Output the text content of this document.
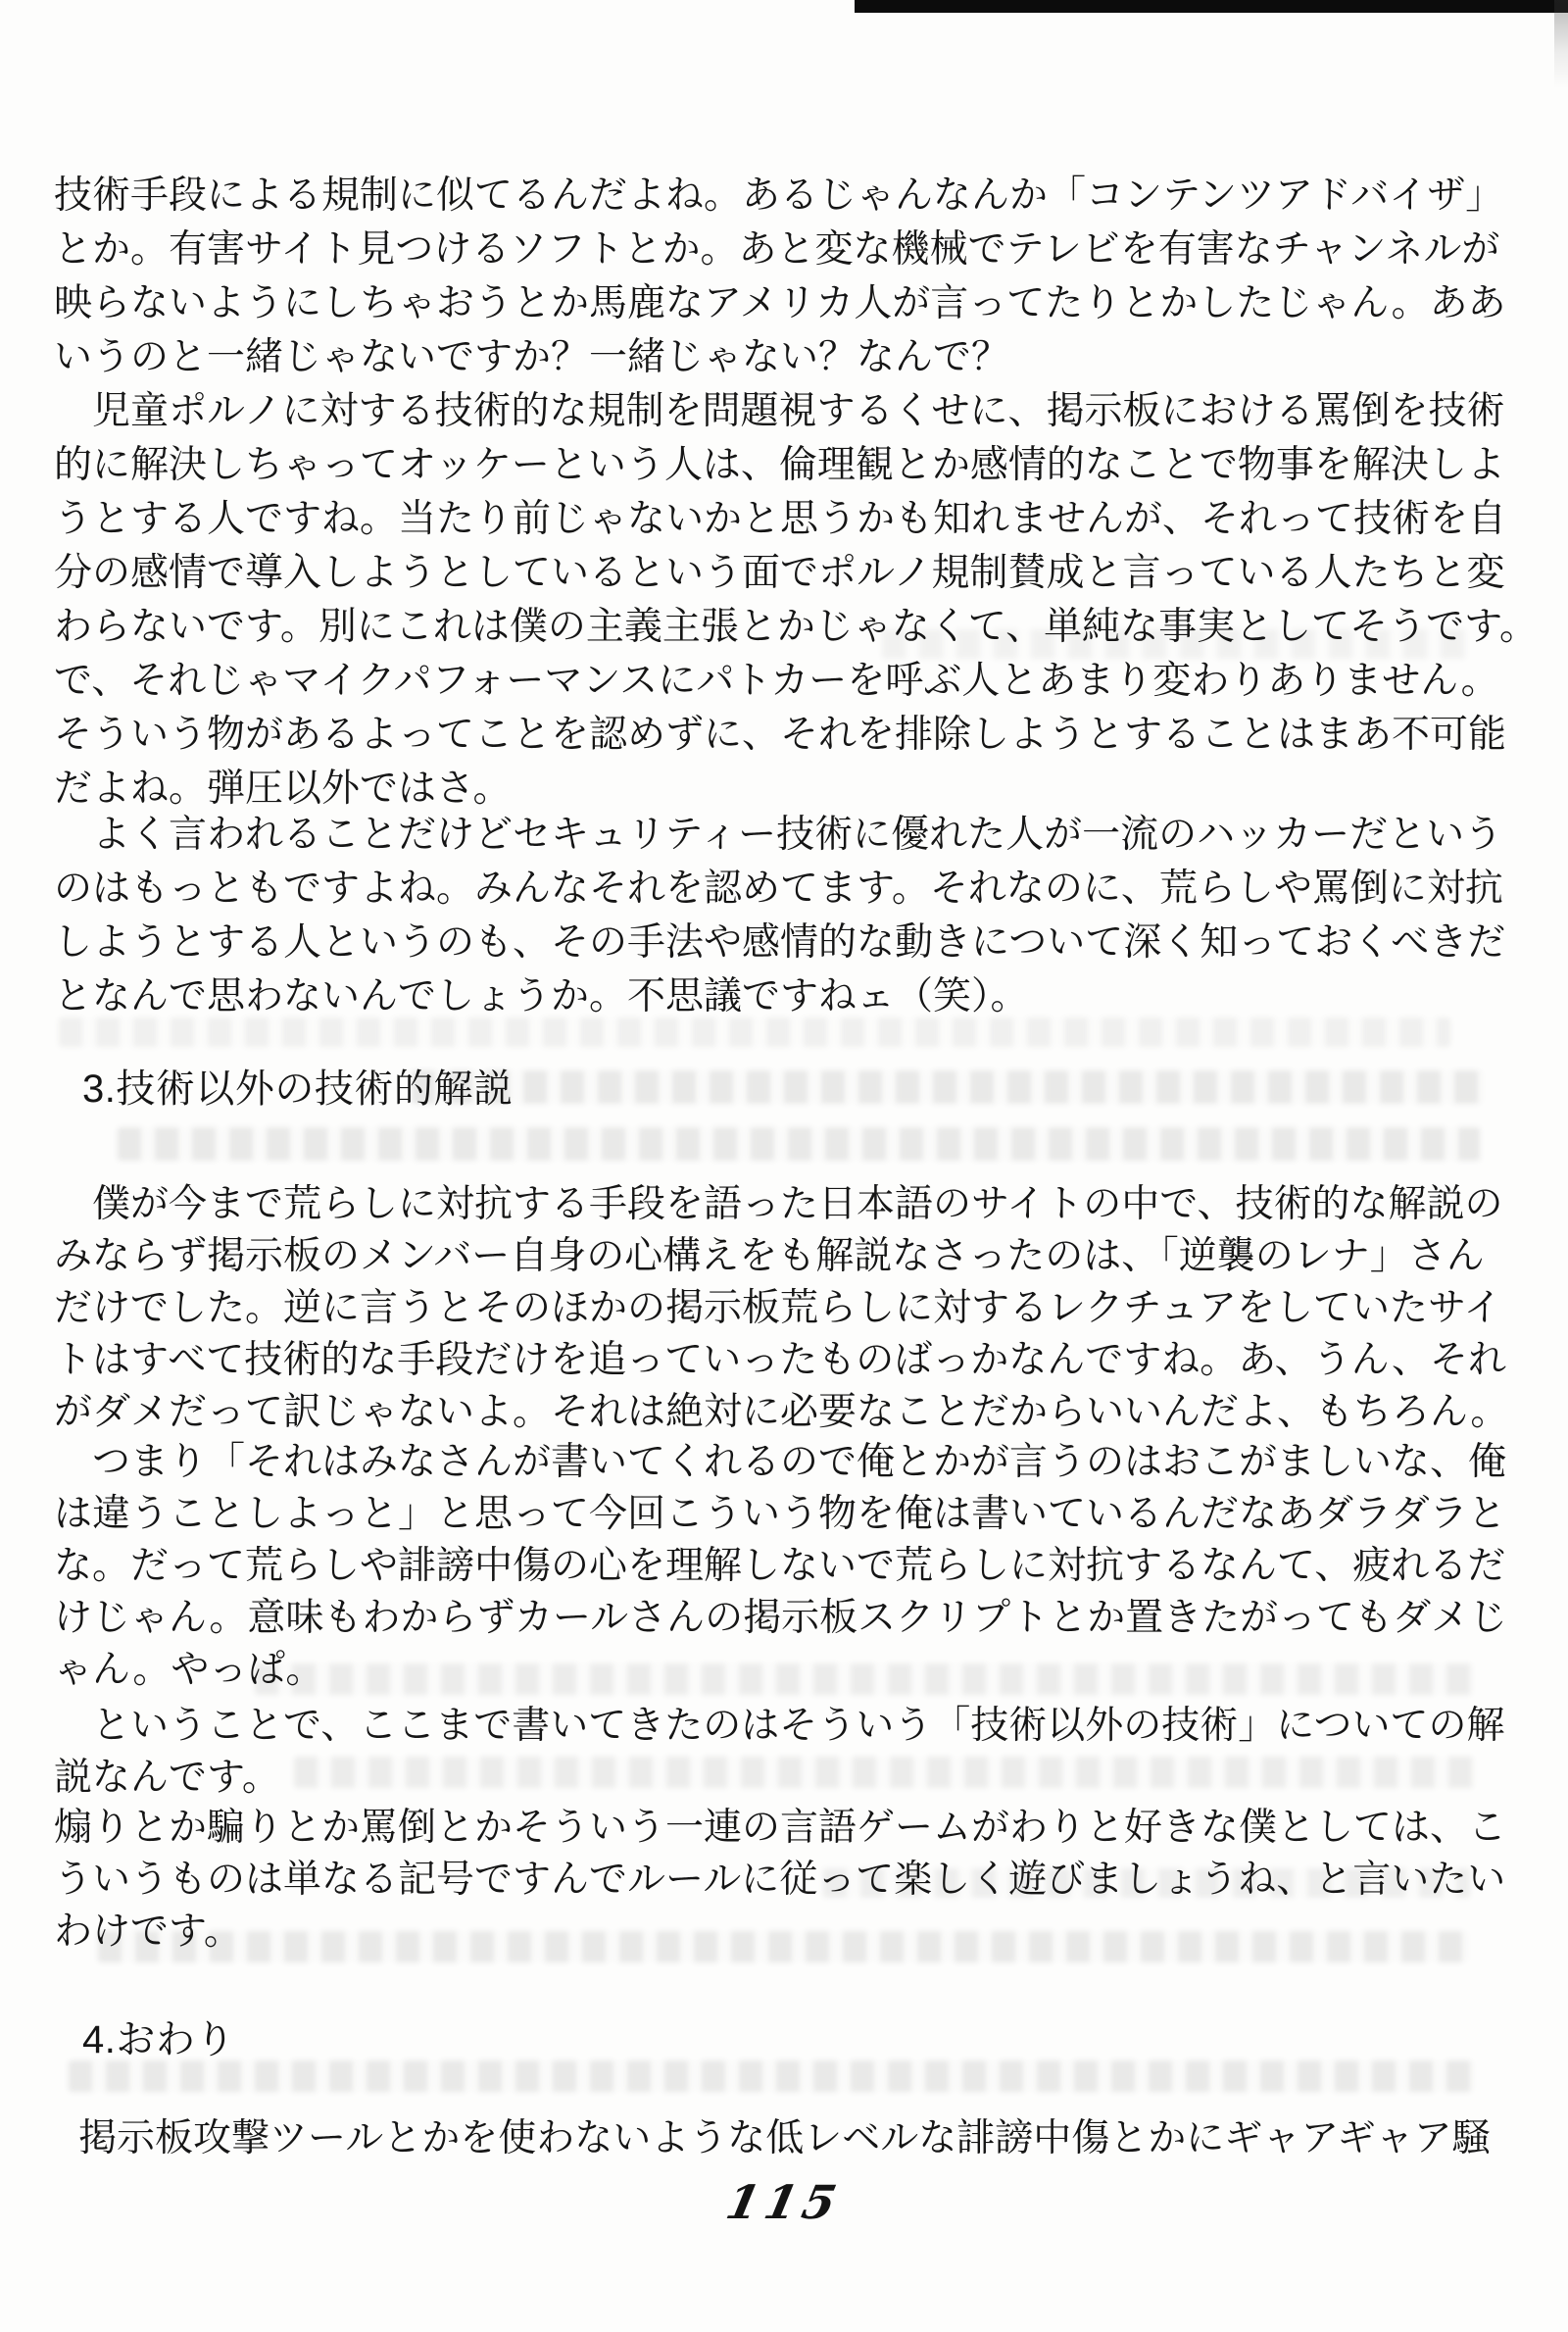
技術手段による規制に似てるんだよね。あるじゃんなんか「コンテンツアドバイザ」
とか。有害サイト見つけるソフトとか。あと変な機械でテレビを有害なチャンネルが
映らないようにしちゃおうとか馬鹿なアメリカ人が言ってたりとかしたじゃん。ああ
いうのと一緒じゃないですか？一緒じゃない？なんで？
児童ポルノに対する技術的な規制を問題視するくせに、掲示板における罵倒を技術
的に解決しちゃってオッケーという人は、倫理観とか感情的なことで物事を解決しよ
うとする人ですね。当たり前じゃないかと思うかも知れませんが、それって技術を自
分の感情で導入しようとしているという面でポルノ規制賛成と言っている人たちと変
わらないです。別にこれは僕の主義主張とかじゃなくて、単純な事実としてそうです。
で、それじゃマイクパフォーマンスにパトカーを呼ぶ人とあまり変わりありません。
そういう物があるよってことを認めずに、それを排除しようとすることはまあ不可能
だよね。弾圧以外ではさ。
よく言われることだけどセキュリティー技術に優れた人が一流のハッカーだという
のはもっともですよね。みんなそれを認めてます。それなのに、荒らしや罵倒に対抗
しようとする人というのも、その手法や感情的な動きについて深く知っておくべきだ
となんで思わないんでしょうか。不思議ですねェ（笑）。
3.技術以外の技術的解説
僕が今まで荒らしに対抗する手段を語った日本語のサイトの中で、技術的な解説の
みならず掲示板のメンバー自身の心構えをも解説なさったのは、「逆襲のレナ」さん
だけでした。逆に言うとそのほかの掲示板荒らしに対するレクチュアをしていたサイ
トはすべて技術的な手段だけを追っていったものばっかなんですね。あ、うん、それ
がダメだって訳じゃないよ。それは絶対に必要なことだからいいんだよ、もちろん。
つまり「それはみなさんが書いてくれるので俺とかが言うのはおこがましいな、俺
は違うことしよっと」と思って今回こういう物を俺は書いているんだなあダラダラと
な。だって荒らしや誹謗中傷の心を理解しないで荒らしに対抗するなんて、疲れるだ
けじゃん。意味もわからずカールさんの掲示板スクリプトとか置きたがってもダメじ
ゃん。やっぱ。
ということで、ここまで書いてきたのはそういう「技術以外の技術」についての解
説なんです。
煽りとか騙りとか罵倒とかそういう一連の言語ゲームがわりと好きな僕としては、こ
ういうものは単なる記号ですんでルールに従って楽しく遊びましょうね、と言いたい
わけです。
4.おわり
掲示板攻撃ツールとかを使わないような低レベルな誹謗中傷とかにギャアギャア騒
115
